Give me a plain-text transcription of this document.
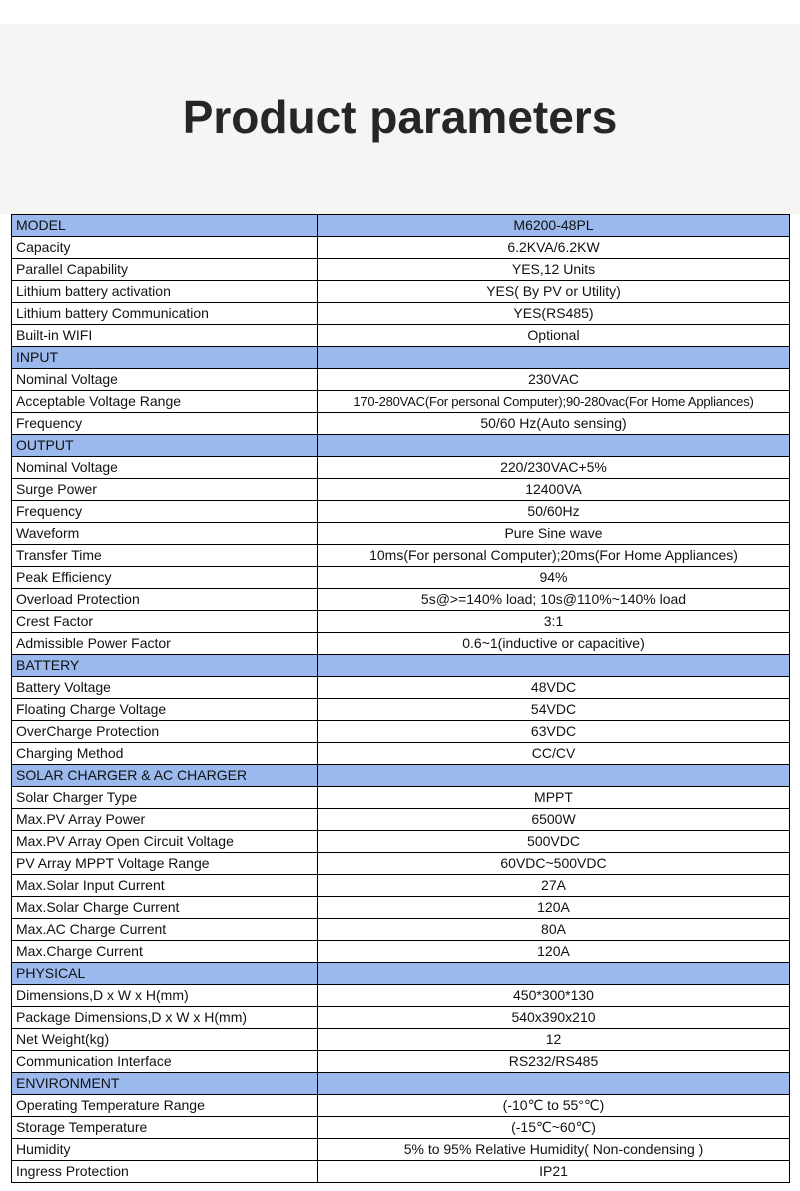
Product parameters
MODEL	M6200-48PL
Capacity	6.2KVA/6.2KW
Parallel Capability	YES,12 Units
Lithium battery activation	YES( By PV or Utility)
Lithium battery Communication	YES(RS485)
Built-in WIFI	Optional
INPUT	
Nominal Voltage	230VAC
Acceptable Voltage Range	170-280VAC(For personal Computer);90-280vac(For Home Appliances)
Frequency	50/60 Hz(Auto sensing)
OUTPUT	
Nominal Voltage	220/230VAC+5%
Surge Power	12400VA
Frequency	50/60Hz
Waveform	Pure Sine wave
Transfer Time	10ms(For personal Computer);20ms(For Home Appliances)
Peak Efficiency	94%
Overload Protection	5s@>=140% load; 10s@110%~140% load
Crest Factor	3:1
Admissible Power Factor	0.6~1(inductive or capacitive)
BATTERY	
Battery Voltage	48VDC
Floating Charge Voltage	54VDC
OverCharge Protection	63VDC
Charging Method	CC/CV
SOLAR CHARGER & AC CHARGER	
Solar Charger Type	MPPT
Max.PV Array Power	6500W
Max.PV Array Open Circuit Voltage	500VDC
PV Array MPPT Voltage Range	60VDC~500VDC
Max.Solar Input Current	27A
Max.Solar Charge Current	120A
Max.AC Charge Current	80A
Max.Charge Current	120A
PHYSICAL	
Dimensions,D x W x H(mm)	450*300*130
Package Dimensions,D x W x H(mm)	540x390x210
Net Weight(kg)	12
Communication Interface	RS232/RS485
ENVIRONMENT	
Operating Temperature Range	(-10℃ to 55°℃)
Storage Temperature	(-15℃~60℃)
Humidity	5% to 95% Relative Humidity( Non-condensing )
Ingress Protection	IP21
